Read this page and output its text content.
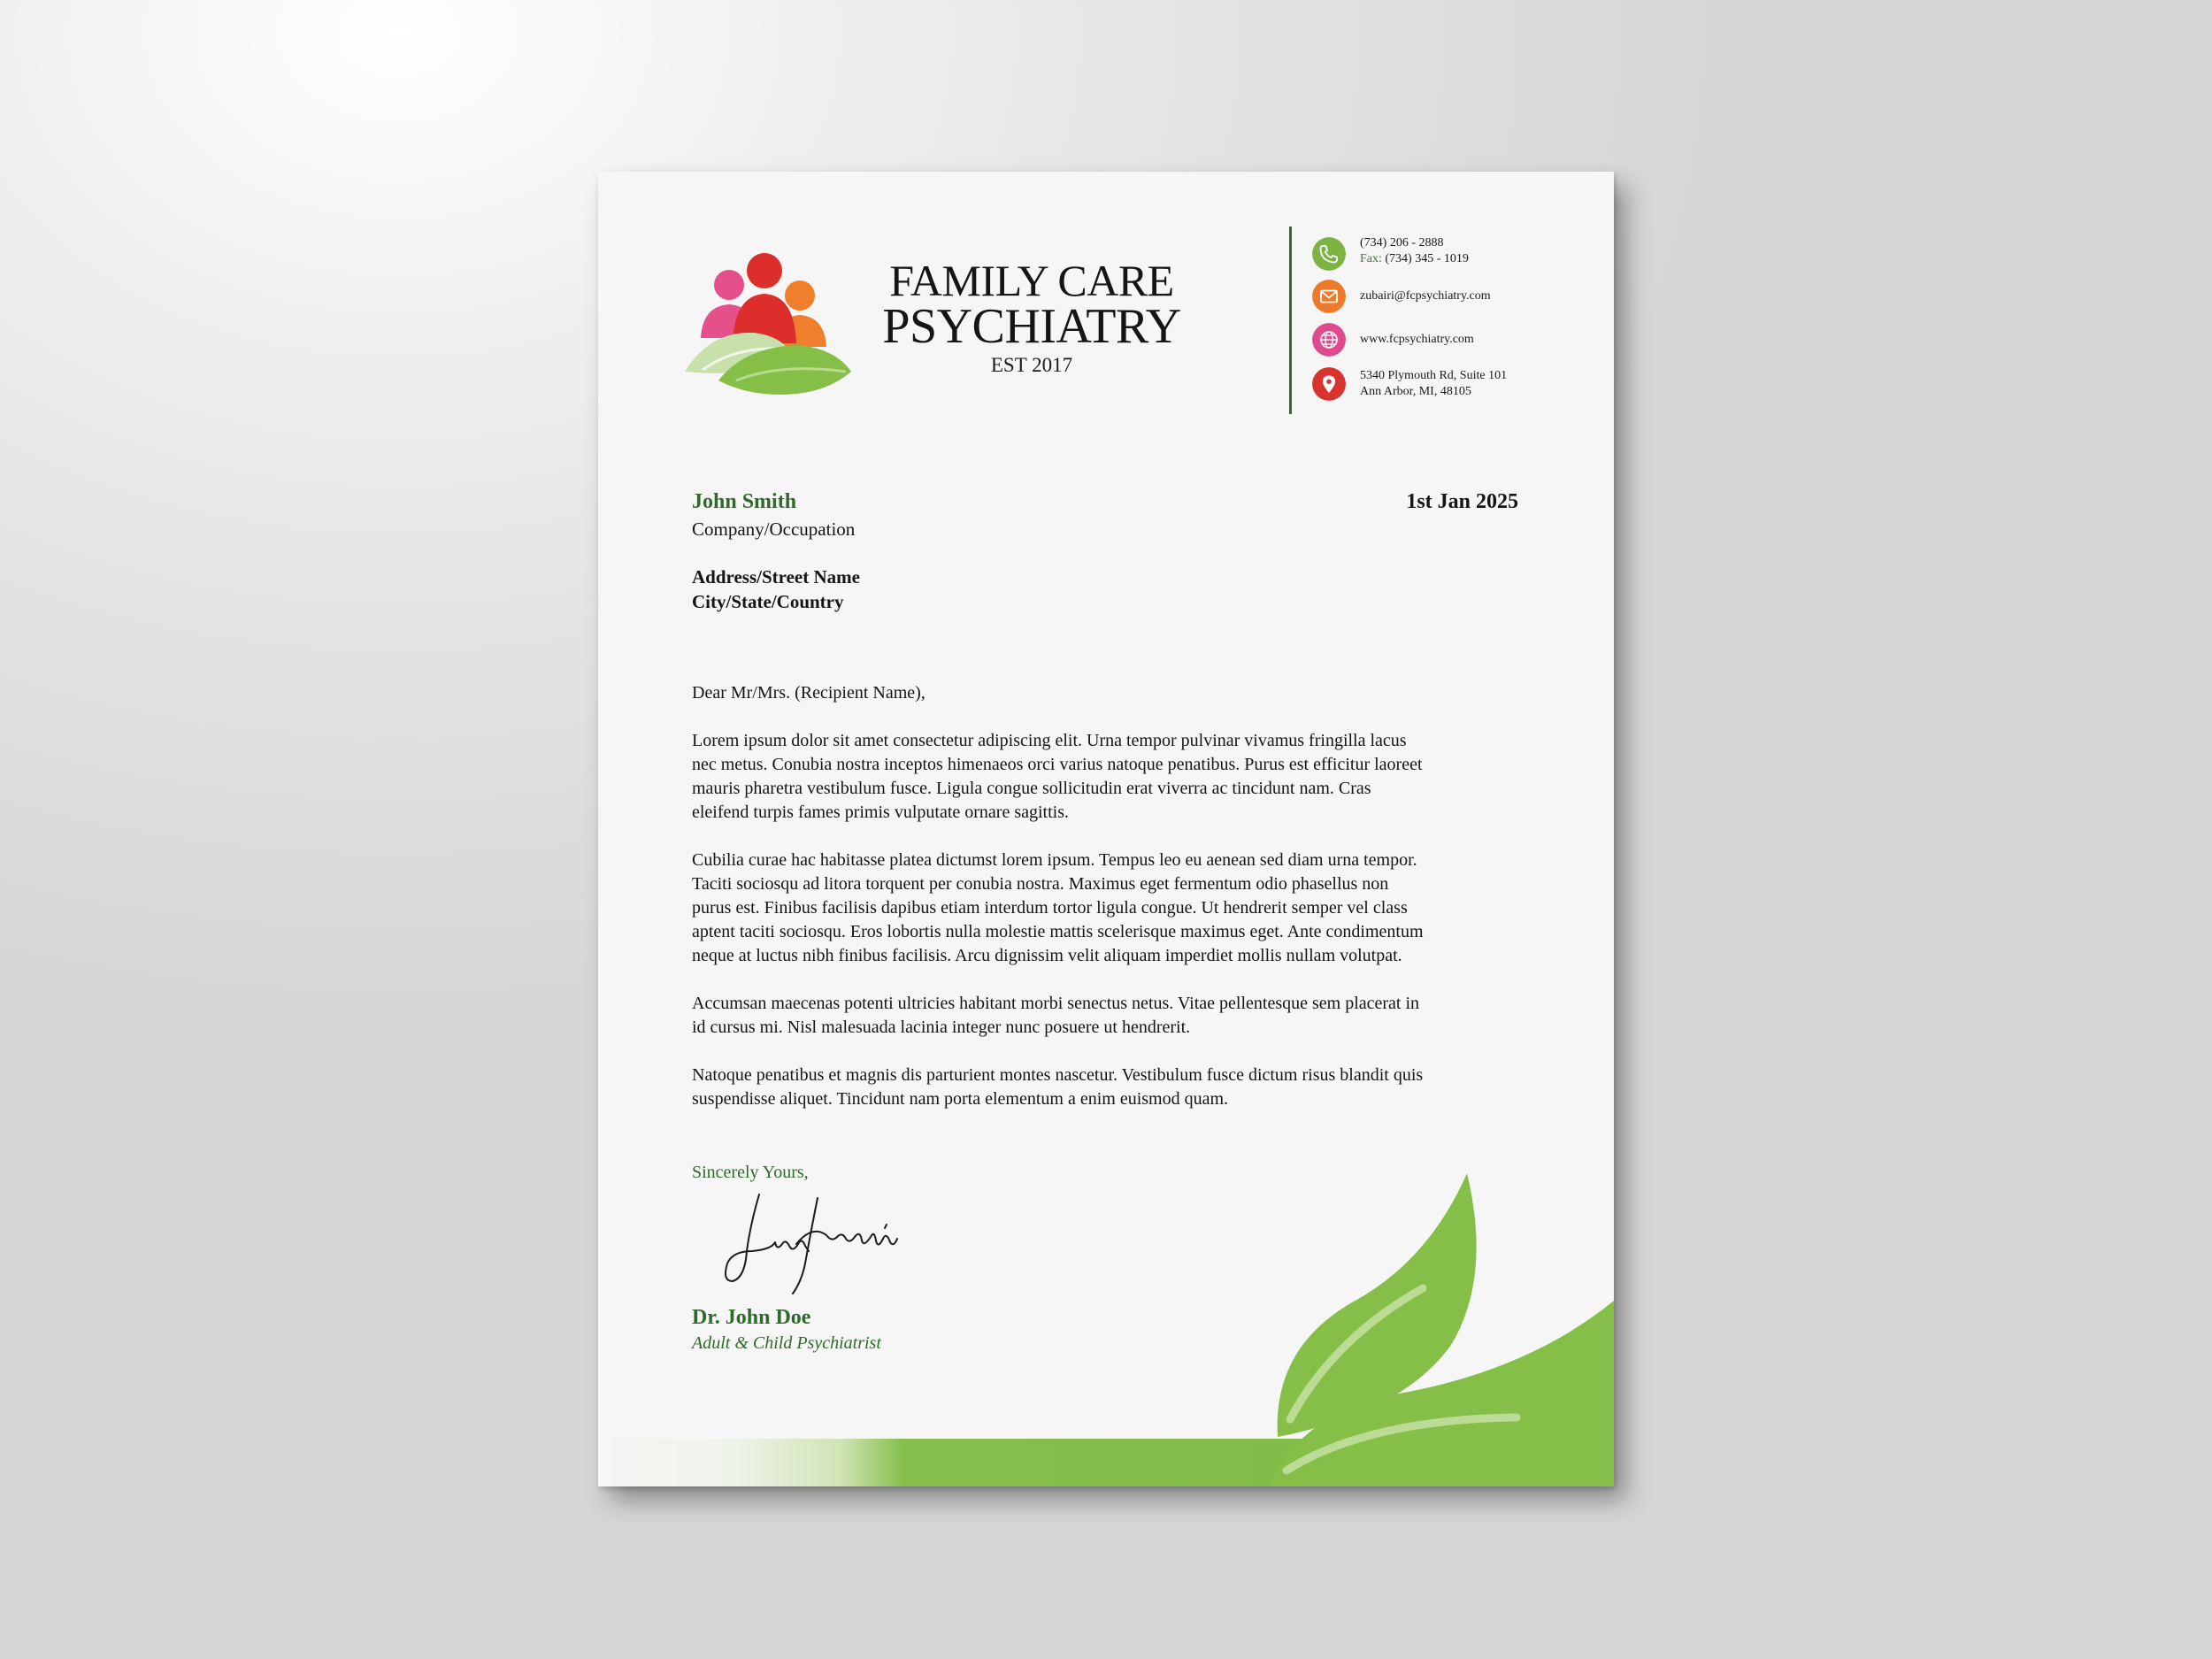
FAMILY CARE
PSYCHIATRY
EST 2017
(734) 206 - 2888
Fax: (734) 345 - 1019
zubairi@fcpsychiatry.com
www.fcpsychiatry.com
5340 Plymouth Rd, Suite 101
Ann Arbor, MI, 48105
John Smith	1st Jan 2025
Company/Occupation
Address/Street Name
City/State/Country
Dear Mr/Mrs. (Recipient Name),

Lorem ipsum dolor sit amet consectetur adipiscing elit. Urna tempor pulvinar vivamus fringilla lacus
nec metus. Conubia nostra inceptos himenaeos orci varius natoque penatibus. Purus est efficitur laoreet
mauris pharetra vestibulum fusce. Ligula congue sollicitudin erat viverra ac tincidunt nam. Cras
eleifend turpis fames primis vulputate ornare sagittis.

Cubilia curae hac habitasse platea dictumst lorem ipsum. Tempus leo eu aenean sed diam urna tempor.
Taciti sociosqu ad litora torquent per conubia nostra. Maximus eget fermentum odio phasellus non
purus est. Finibus facilisis dapibus etiam interdum tortor ligula congue. Ut hendrerit semper vel class
aptent taciti sociosqu. Eros lobortis nulla molestie mattis scelerisque maximus eget. Ante condimentum
neque at luctus nibh finibus facilisis. Arcu dignissim velit aliquam imperdiet mollis nullam volutpat.

Accumsan maecenas potenti ultricies habitant morbi senectus netus. Vitae pellentesque sem placerat in
id cursus mi. Nisl malesuada lacinia integer nunc posuere ut hendrerit.

Natoque penatibus et magnis dis parturient montes nascetur. Vestibulum fusce dictum risus blandit quis
suspendisse aliquet. Tincidunt nam porta elementum a enim euismod quam.

Sincerely Yours,
Dr. John Doe
Adult & Child Psychiatrist
